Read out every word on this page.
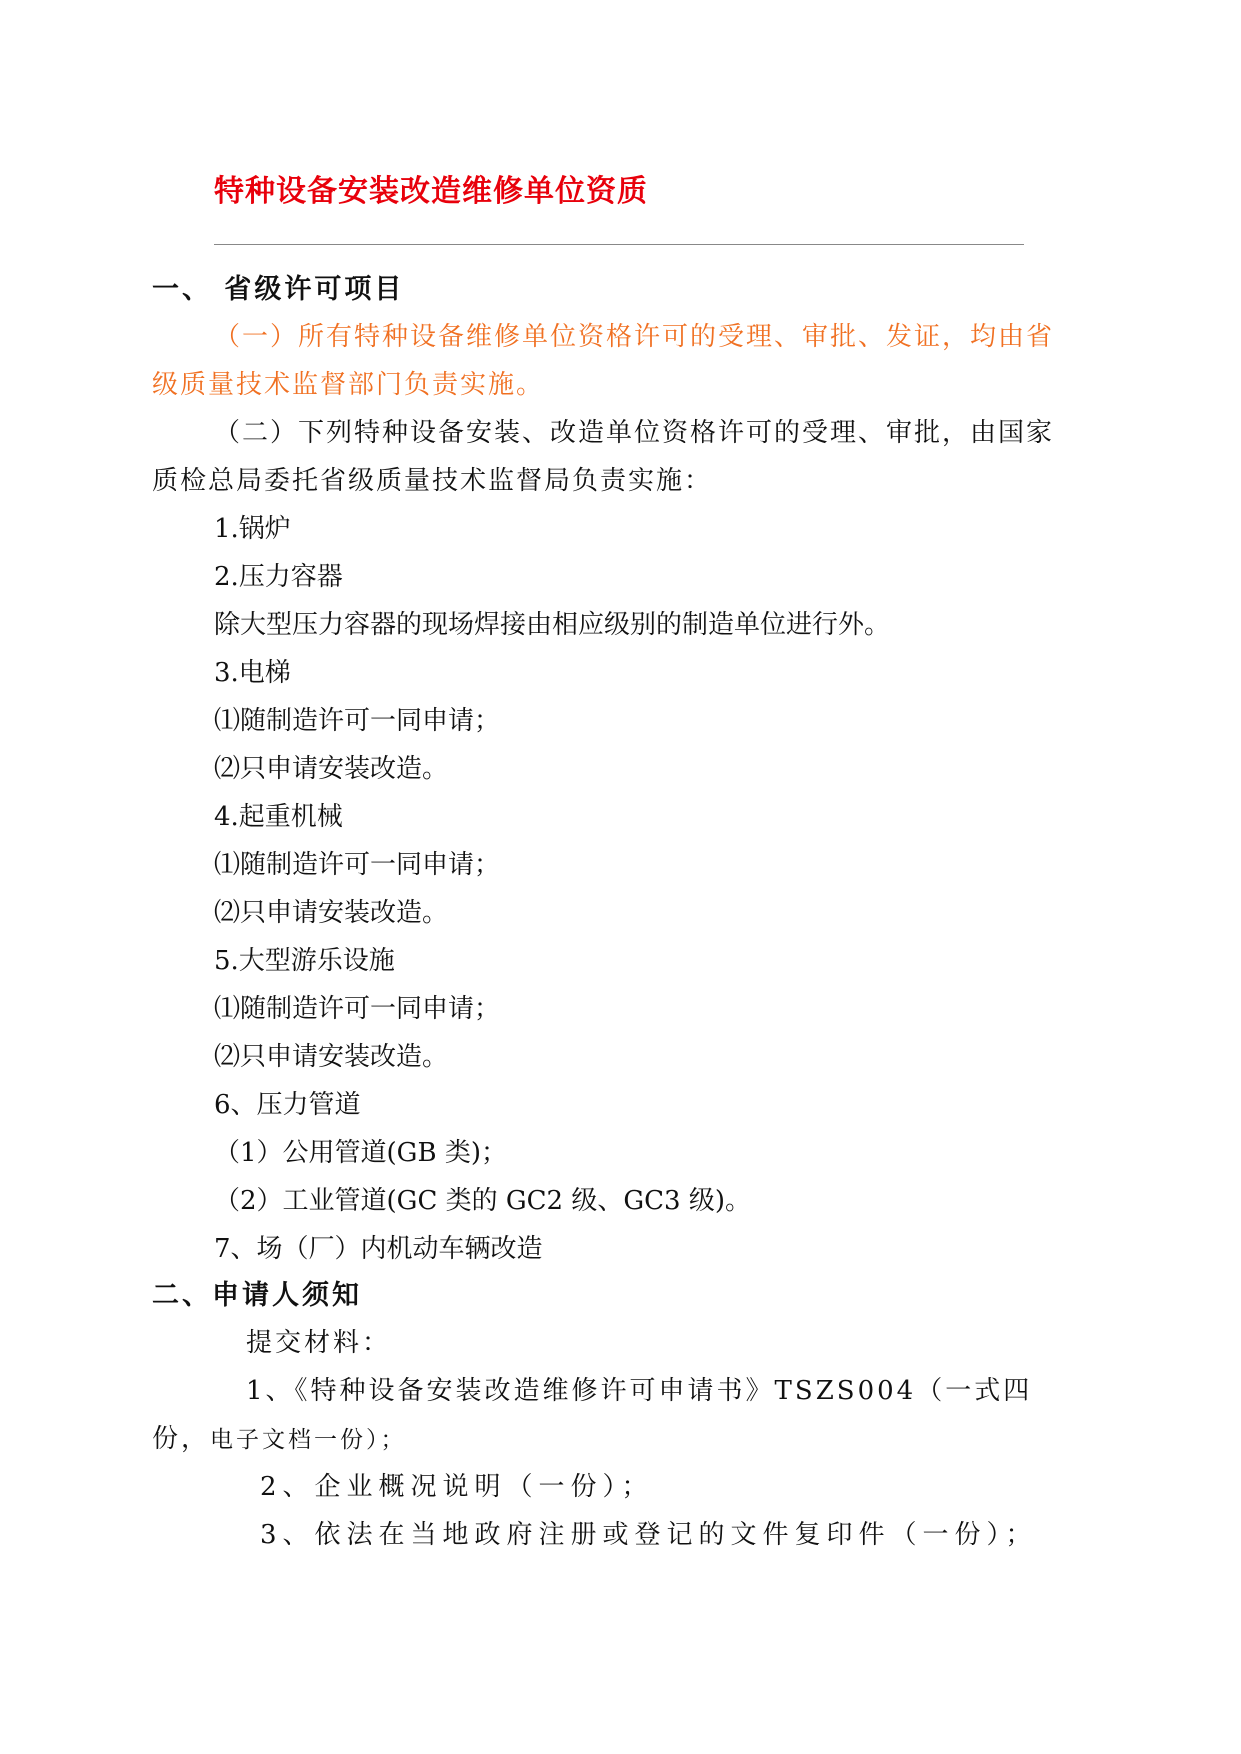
特种设备安装改造维修单位资质
一、 省级许可项目
（一）所有特种设备维修单位资格许可的受理、审批、发证，均由省
级质量技术监督部门负责实施。
（二）下列特种设备安装、改造单位资格许可的受理、审批，由国家
质检总局委托省级质量技术监督局负责实施：
1.锅炉
2.压力容器
除大型压力容器的现场焊接由相应级别的制造单位进行外。
3.电梯
⑴随制造许可一同申请；
⑵只申请安装改造。
4.起重机械
⑴随制造许可一同申请；
⑵只申请安装改造。
5.大型游乐设施
⑴随制造许可一同申请；
⑵只申请安装改造。
6、压力管道
（1）公用管道(GB 类)；
（2）工业管道(GC 类的 GC2 级、GC3 级)。
7、场（厂）内机动车辆改造
二、申请人须知
提交材料：
1、《特种设备安装改造维修许可申请书》TSZS004（一式四
份，电子文档一份）；
2、企业概况说明（一份）；
3、依法在当地政府注册或登记的文件复印件（一份）；
